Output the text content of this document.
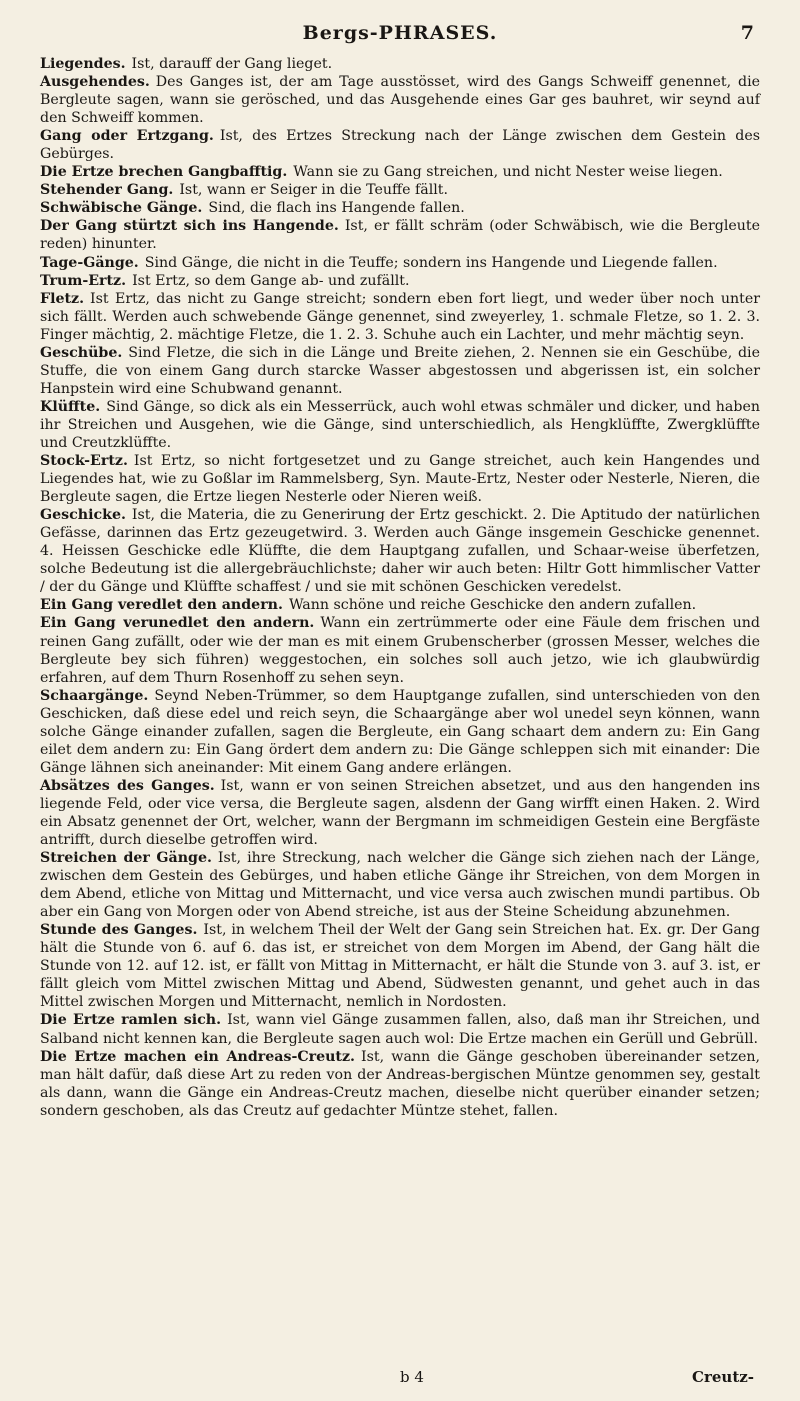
Bergs-PHRASES.	7

Liegendes. Ist, darauff der Gang lieget.

Ausgehendes. Des Ganges ist, der am Tage ausstösset, wird des Gangs Schweiff genennet, die Bergleute sagen, wann sie gerösched, und das Ausgehende eines Gar ges bauhret, wir seynd auf den Schweiff kommen.

Gang oder Ertzgang. Ist, des Ertzes Streckung nach der Länge zwischen dem Gestein des Gebürges.

Die Ertze brechen Gangbafftig. Wann sie zu Gang streichen, und nicht Nester weise liegen.

Stehender Gang. Ist, wann er Seiger in die Teuffe fällt.

Schwäbische Gänge. Sind, die flach ins Hangende fallen.

Der Gang stürtzt sich ins Hangende. Ist, er fällt schräm (oder Schwäbisch, wie die Bergleute reden) hinunter.

Tage-Gänge. Sind Gänge, die nicht in die Teuffe; sondern ins Hangende und Liegende fallen.

Trum-Ertz. Ist Ertz, so dem Gange ab- und zufällt.

Fletz. Ist Ertz, das nicht zu Gange streicht; sondern eben fort liegt, und weder über noch unter sich fällt. Werden auch schwebende Gänge genennet, sind zweyerley, 1. schmale Fletze, so 1. 2. 3. Finger mächtig, 2. mächtige Fletze, die 1. 2. 3. Schuhe auch ein Lachter, und mehr mächtig seyn.

Geschübe. Sind Fletze, die sich in die Länge und Breite ziehen, 2. Nennen sie ein Geschübe, die Stuffe, die von einem Gang durch starcke Wasser abgestossen und abgerissen ist, ein solcher Hanpstein wird eine Schubwand genannt.

Klüffte. Sind Gänge, so dick als ein Messerrück, auch wohl etwas schmäler und dicker, und haben ihr Streichen und Ausgehen, wie die Gänge, sind unterschiedlich, als Hengklüffte, Zwergklüffte und Creutzklüffte.

Stock-Ertz. Ist Ertz, so nicht fortgesetzet und zu Gange streichet, auch kein Hangendes und Liegendes hat, wie zu Goßlar im Rammelsberg, Syn. Maute-Ertz, Nester oder Nesterle, Nieren, die Bergleute sagen, die Ertze liegen Nesterle oder Nieren weiß.

Geschicke. Ist, die Materia, die zu Generirung der Ertz geschickt. 2. Die Aptitudo der natürlichen Gefässe, darinnen das Ertz gezeugetwird. 3. Werden auch Gänge insgemein Geschicke genennet. 4. Heissen Geschicke edle Klüffte, die dem Hauptgang zufallen, und Schaar-weise überfetzen, solche Bedeutung ist die allergebräuchlichste; daher wir auch beten: Hiltr Gott himmlischer Vatter / der du Gänge und Klüffte schaffest / und sie mit schönen Geschicken veredelst.

Ein Gang veredlet den andern. Wann schöne und reiche Geschicke den andern zufallen.

Ein Gang verunedlet den andern. Wann ein zertrümmerte oder eine Fäule dem frischen und reinen Gang zufällt, oder wie der man es mit einem Grubenscherber (grossen Messer, welches die Bergleute bey sich führen) weggestochen, ein solches soll auch jetzo, wie ich glaubwürdig erfahren, auf dem Thurn Rosenhoff zu sehen seyn.

Schaargänge. Seynd Neben-Trümmer, so dem Hauptgange zufallen, sind unterschieden von den Geschicken, daß diese edel und reich seyn, die Schaargänge aber wol unedel seyn können, wann solche Gänge einander zufallen, sagen die Bergleute, ein Gang schaart dem andern zu: Ein Gang eilet dem andern zu: Ein Gang ördert dem andern zu: Die Gänge schleppen sich mit einander: Die Gänge lähnen sich aneinander: Mit einem Gang andere erlängen.

Absätzes des Ganges. Ist, wann er von seinen Streichen absetzet, und aus den hangenden ins liegende Feld, oder vice versa, die Bergleute sagen, alsdenn der Gang wirfft einen Haken. 2. Wird ein Absatz genennet der Ort, welcher, wann der Bergmann im schmeidigen Gestein eine Bergfäste antrifft, durch dieselbe getroffen wird.

Streichen der Gänge. Ist, ihre Streckung, nach welcher die Gänge sich ziehen nach der Länge, zwischen dem Gestein des Gebürges, und haben etliche Gänge ihr Streichen, von dem Morgen in dem Abend, etliche von Mittag und Mitternacht, und vice versa auch zwischen mundi partibus. Ob aber ein Gang von Morgen oder von Abend streiche, ist aus der Steine Scheidung abzunehmen.

Stunde des Ganges. Ist, in welchem Theil der Welt der Gang sein Streichen hat. Ex. gr. Der Gang hält die Stunde von 6. auf 6. das ist, er streichet von dem Morgen im Abend, der Gang hält die Stunde von 12. auf 12. ist, er fällt von Mittag in Mitternacht, er hält die Stunde von 3. auf 3. ist, er fällt gleich vom Mittel zwischen Mittag und Abend, Südwesten genannt, und gehet auch in das Mittel zwischen Morgen und Mitternacht, nemlich in Nordosten.

Die Ertze ramlen sich. Ist, wann viel Gänge zusammen fallen, also, daß man ihr Streichen, und Salband nicht kennen kan, die Bergleute sagen auch wol: Die Ertze machen ein Gerüll und Gebrüll.

Die Ertze machen ein Andreas-Creutz. Ist, wann die Gänge geschoben übereinander setzen, man hält dafür, daß diese Art zu reden von der Andreas-bergischen Müntze genommen sey, gestalt als dann, wann die Gänge ein Andreas-Creutz machen, dieselbe nicht querüber einander setzen; sondern geschoben, als das Creutz auf gedachter Müntze stehet, fallen.

b 4	Creutz-
